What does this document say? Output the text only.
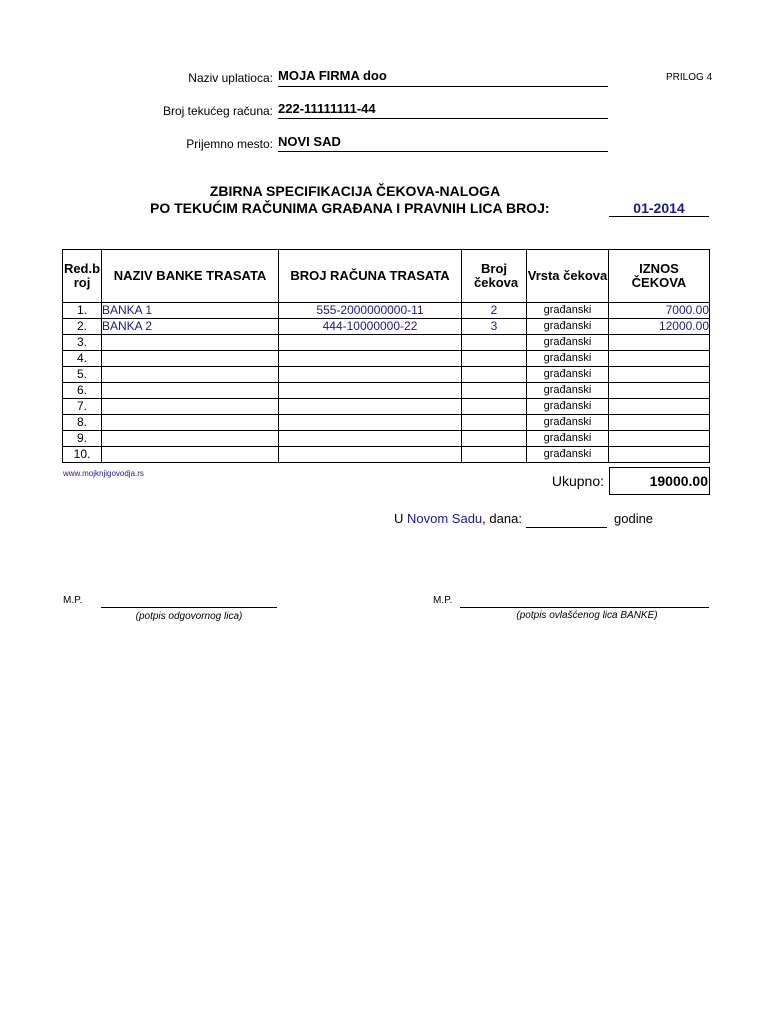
Naziv uplatioca: MOJA FIRMA doo	PRILOG 4
Broj tekućeg računa: 222-11111111-44
Prijemno mesto: NOVI SAD
ZBIRNA SPECIFIKACIJA ČEKOVA-NALOGA
PO TEKUĆIM RAČUNIMA GRAĐANA I PRAVNIH LICA BROJ:	01-2014
Red.broj	NAZIV BANKE TRASATA	BROJ RAČUNA TRASATA	Broj čekova	Vrsta čekova	IZNOS ČEKOVA

1.	BANKA 1	555-2000000000-11	2	građanski	7000.00
2.	BANKA 2	444-10000000-22	3	građanski	12000.00
3.				građanski	
4.				građanski	
5.				građanski	
6.				građanski	
7.				građanski	
8.				građanski	
9.				građanski	
10.				građanski	
www.mojknjigovodja.rs	Ukupno:	19000.00
U Novom Sadu, dana:	godine
M.P.
(potpis odgovornog lica)
M.P.
(potpis ovlašćenog lica BANKE)
